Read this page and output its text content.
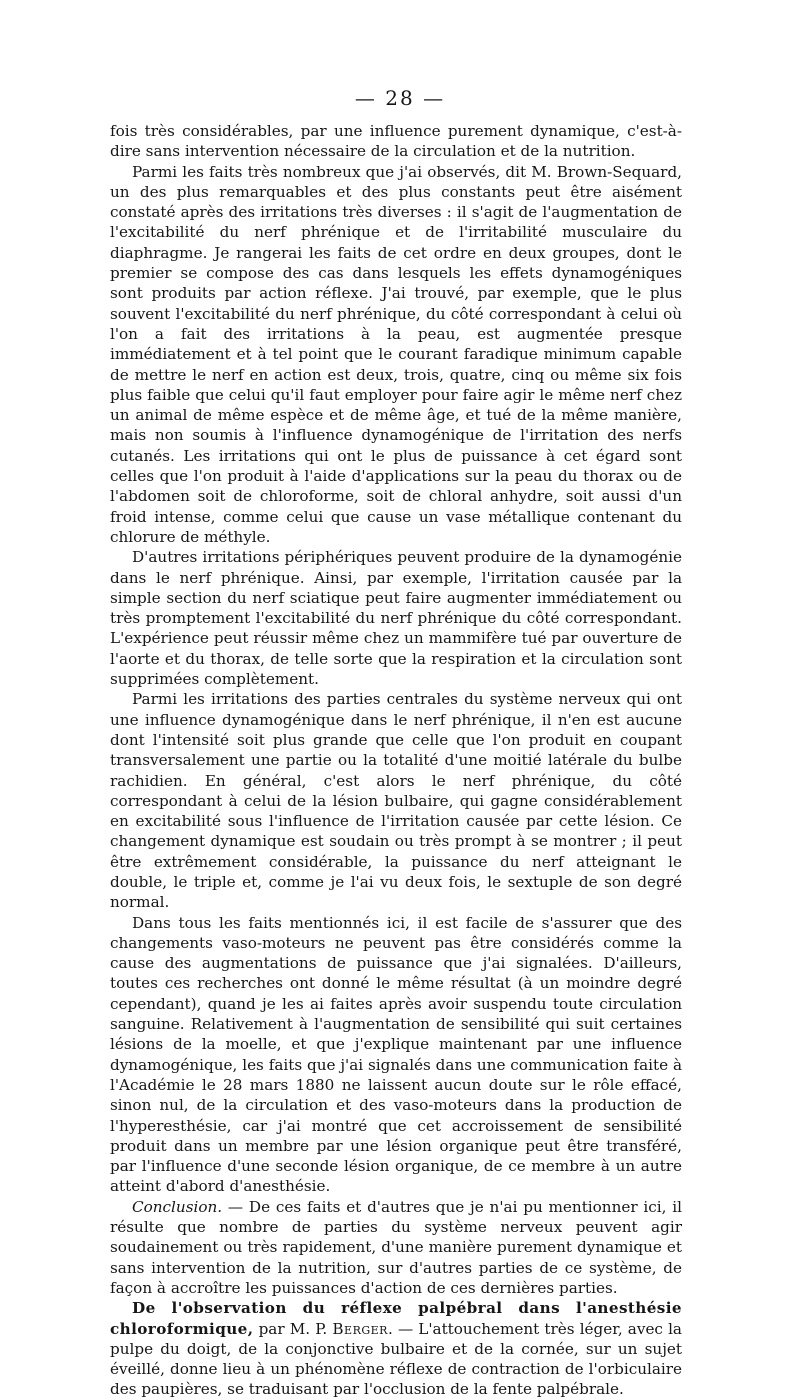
— 28 —

fois très considérables, par une influence purement dynamique, c'est-à-dire sans intervention nécessaire de la circulation et de la nutrition.

Parmi les faits très nombreux que j'ai observés, dit M. Brown-Sequard, un des plus remarquables et des plus constants peut être aisément constaté après des irritations très diverses : il s'agit de l'augmentation de l'excitabilité du nerf phrénique et de l'irritabilité musculaire du diaphragme. Je rangerai les faits de cet ordre en deux groupes, dont le premier se compose des cas dans lesquels les effets dynamogéniques sont produits par action réflexe. J'ai trouvé, par exemple, que le plus souvent l'excitabilité du nerf phrénique, du côté correspondant à celui où l'on a fait des irritations à la peau, est augmentée presque immédiatement et à tel point que le courant faradique minimum capable de mettre le nerf en action est deux, trois, quatre, cinq ou même six fois plus faible que celui qu'il faut employer pour faire agir le même nerf chez un animal de même espèce et de même âge, et tué de la même manière, mais non soumis à l'influence dynamogénique de l'irritation des nerfs cutanés. Les irritations qui ont le plus de puissance à cet égard sont celles que l'on produit à l'aide d'applications sur la peau du thorax ou de l'abdomen soit de chloroforme, soit de chloral anhydre, soit aussi d'un froid intense, comme celui que cause un vase métallique contenant du chlorure de méthyle.

D'autres irritations périphériques peuvent produire de la dynamogénie dans le nerf phrénique. Ainsi, par exemple, l'irritation causée par la simple section du nerf sciatique peut faire augmenter immédiatement ou très promptement l'excitabilité du nerf phrénique du côté correspondant. L'expérience peut réussir même chez un mammifère tué par ouverture de l'aorte et du thorax, de telle sorte que la respiration et la circulation sont supprimées complètement.

Parmi les irritations des parties centrales du système nerveux qui ont une influence dynamogénique dans le nerf phrénique, il n'en est aucune dont l'intensité soit plus grande que celle que l'on produit en coupant transversalement une partie ou la totalité d'une moitié latérale du bulbe rachidien. En général, c'est alors le nerf phrénique, du côté correspondant à celui de la lésion bulbaire, qui gagne considérablement en excitabilité sous l'influence de l'irritation causée par cette lésion. Ce changement dynamique est soudain ou très prompt à se montrer ; il peut être extrêmement considérable, la puissance du nerf atteignant le double, le triple et, comme je l'ai vu deux fois, le sextuple de son degré normal.

Dans tous les faits mentionnés ici, il est facile de s'assurer que des changements vaso-moteurs ne peuvent pas être considérés comme la cause des augmentations de puissance que j'ai signalées. D'ailleurs, toutes ces recherches ont donné le même résultat (à un moindre degré cependant), quand je les ai faites après avoir suspendu toute circulation sanguine. Relativement à l'augmentation de sensibilité qui suit certaines lésions de la moelle, et que j'explique maintenant par une influence dynamogénique, les faits que j'ai signalés dans une communication faite à l'Académie le 28 mars 1880 ne laissent aucun doute sur le rôle effacé, sinon nul, de la circulation et des vaso-moteurs dans la production de l'hyperesthésie, car j'ai montré que cet accroissement de sensibilité produit dans un membre par une lésion organique peut être transféré, par l'influence d'une seconde lésion organique, de ce membre à un autre atteint d'abord d'anesthésie.

Conclusion. — De ces faits et d'autres que je n'ai pu mentionner ici, il résulte que nombre de parties du système nerveux peuvent agir soudainement ou très rapidement, d'une manière purement dynamique et sans intervention de la nutrition, sur d'autres parties de ce système, de façon à accroître les puissances d'action de ces dernières parties.

De l'observation du réflexe palpébral dans l'anesthésie chloroformique, par M. P. Berger. — L'attouchement très léger, avec la pulpe du doigt, de la conjonctive bulbaire et de la cornée, sur un sujet éveillé, donne lieu à un phénomène réflexe de contraction de l'orbiculaire des paupières, se traduisant par l'occlusion de la fente palpébrale.
